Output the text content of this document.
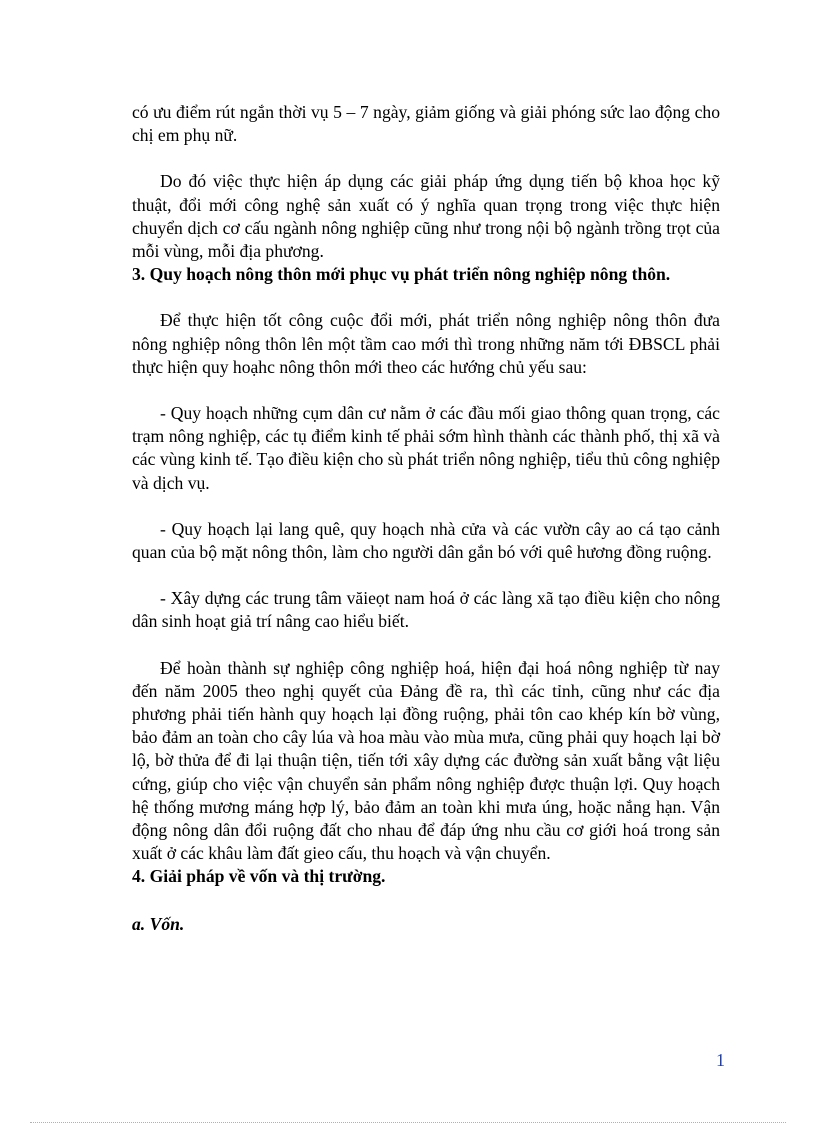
có ưu điểm rút ngắn thời vụ 5 – 7 ngày, giảm giống và giải phóng sức lao động cho chị em phụ nữ.

Do đó việc thực hiện áp dụng các giải pháp ứng dụng tiến bộ khoa học kỹ thuật, đổi mới công nghệ sản xuất có ý nghĩa quan trọng trong việc thực hiện chuyển dịch cơ cấu ngành nông nghiệp cũng như trong nội bộ ngành trồng trọt của mỗi vùng, mỗi địa phương.

3. Quy hoạch nông thôn mới phục vụ phát triển nông nghiệp nông thôn.

Để thực hiện tốt công cuộc đổi mới, phát triển nông nghiệp nông thôn đưa nông nghiệp nông thôn lên một tầm cao mới thì trong những năm tới ĐBSCL phải thực hiện quy hoạhc nông thôn mới theo các hướng chủ yếu sau:

- Quy hoạch những cụm dân cư nằm ở các đầu mối giao thông quan trọng, các trạm nông nghiệp, các tụ điểm kinh tế phải sớm hình thành các thành phố, thị xã và các vùng kinh tế. Tạo điều kiện cho sù phát triển nông nghiệp, tiểu thủ công nghiệp và dịch vụ.

- Quy hoạch lại lang quê, quy hoạch nhà cửa và các vườn cây ao cá tạo cảnh quan của bộ mặt nông thôn, làm cho người dân gắn bó với quê hương đồng ruộng.

- Xây dựng các trung tâm văieọt nam hoá ở các làng xã tạo điều kiện cho nông dân sinh hoạt giả trí nâng cao hiểu biết.

Để hoàn thành sự nghiệp công nghiệp hoá, hiện đại hoá nông nghiệp từ nay đến năm 2005 theo nghị quyết của Đảng đề ra, thì các tỉnh, cũng như các địa phương phải tiến hành quy hoạch lại đồng ruộng, phải tôn cao khép kín bờ vùng, bảo đảm an toàn cho cây lúa và hoa màu vào mùa mưa, cũng phải quy hoạch lại bờ lộ, bờ thửa để đi lại thuận tiện, tiến tới xây dựng các đường sản xuất bằng vật liệu cứng, giúp cho việc vận chuyển sản phẩm nông nghiệp được thuận lợi. Quy hoạch hệ thống mương máng hợp lý, bảo đảm an toàn khi mưa úng, hoặc nắng hạn. Vận động nông dân đổi ruộng đất cho nhau để đáp ứng nhu cầu cơ giới hoá trong sản xuất ở các khâu làm đất gieo cấu, thu hoạch và vận chuyển.

4. Giải pháp về vốn và thị trường.

a. Vốn.

1
